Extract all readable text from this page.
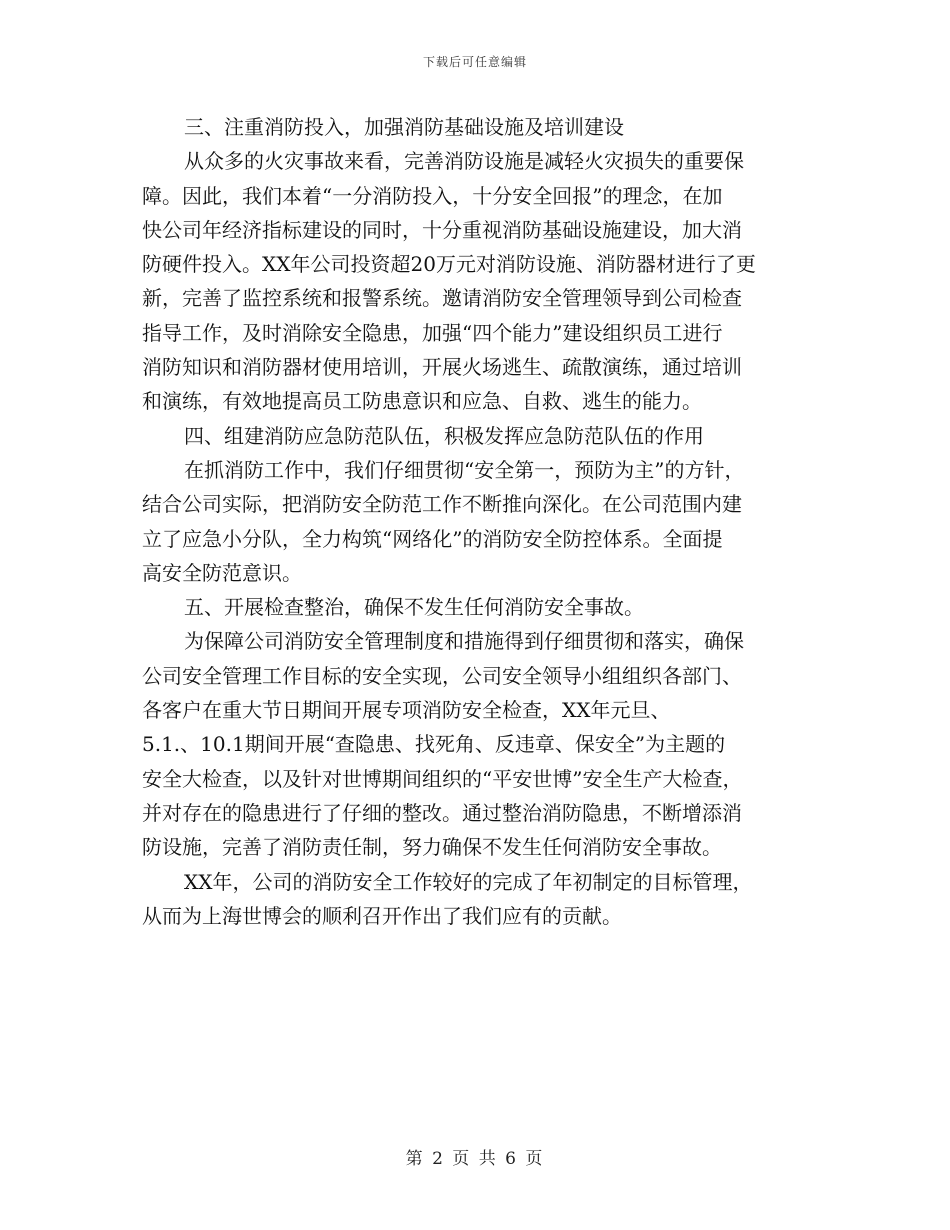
下载后可任意编辑
三、注重消防投入，加强消防基础设施及培训建设
从众多的火灾事故来看，完善消防设施是减轻火灾损失的重要保
障。因此，我们本着“一分消防投入，十分安全回报”的理念，在加
快公司年经济指标建设的同时，十分重视消防基础设施建设，加大消
防硬件投入。XX年公司投资超20万元对消防设施、消防器材进行了更
新，完善了监控系统和报警系统。邀请消防安全管理领导到公司检查
指导工作，及时消除安全隐患，加强“四个能力”建设组织员工进行
消防知识和消防器材使用培训，开展火场逃生、疏散演练，通过培训
和演练，有效地提高员工防患意识和应急、自救、逃生的能力。
四、组建消防应急防范队伍，积极发挥应急防范队伍的作用
在抓消防工作中，我们仔细贯彻“安全第一，预防为主”的方针，
结合公司实际，把消防安全防范工作不断推向深化。在公司范围内建
立了应急小分队，全力构筑“网络化”的消防安全防控体系。全面提
高安全防范意识。
五、开展检查整治，确保不发生任何消防安全事故。
为保障公司消防安全管理制度和措施得到仔细贯彻和落实，确保
公司安全管理工作目标的安全实现，公司安全领导小组组织各部门、
各客户在重大节日期间开展专项消防安全检查，XX年元旦、
5.1.、10.1期间开展“查隐患、找死角、反违章、保安全”为主题的
安全大检查，以及针对世博期间组织的“平安世博”安全生产大检查，
并对存在的隐患进行了仔细的整改。通过整治消防隐患，不断增添消
防设施，完善了消防责任制，努力确保不发生任何消防安全事故。
XX年，公司的消防安全工作较好的完成了年初制定的目标管理，
从而为上海世博会的顺利召开作出了我们应有的贡献。
第 2 页 共 6 页
